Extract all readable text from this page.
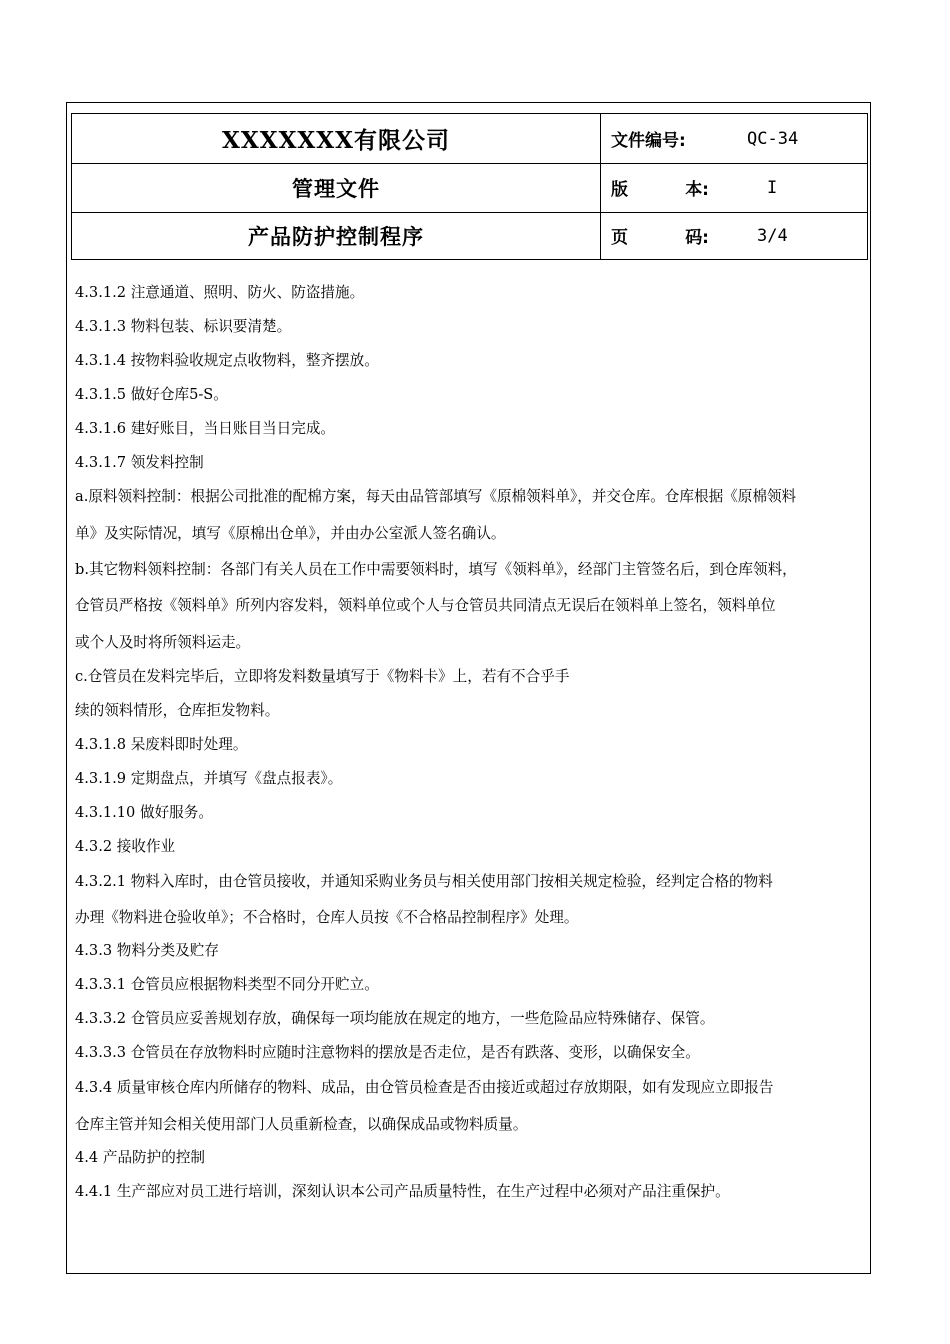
XXXXXXX有限公司	文件编号:	QC-34
管理文件	版	本:	I
产品防护控制程序	页	码:	3/4
4.3.1.2 注意通道、照明、防火、防盗措施。
4.3.1.3 物料包装、标识要清楚。
4.3.1.4 按物料验收规定点收物料，整齐摆放。
4.3.1.5 做好仓库5-S。
4.3.1.6 建好账目，当日账目当日完成。
4.3.1.7 领发料控制
a.原料领料控制：根据公司批准的配棉方案，每天由品管部填写《原棉领料单》，并交仓库。仓库根据《原棉领料
单》及实际情况，填写《原棉出仓单》，并由办公室派人签名确认。
b.其它物料领料控制：各部门有关人员在工作中需要领料时，填写《领料单》，经部门主管签名后，到仓库领料，
仓管员严格按《领料单》所列内容发料，领料单位或个人与仓管员共同清点无误后在领料单上签名，领料单位
或个人及时将所领料运走。
c.仓管员在发料完毕后，立即将发料数量填写于《物料卡》上，若有不合乎手
续的领料情形，仓库拒发物料。
4.3.1.8 呆废料即时处理。
4.3.1.9 定期盘点，并填写《盘点报表》。
4.3.1.10 做好服务。
4.3.2 接收作业
4.3.2.1 物料入库时，由仓管员接收，并通知采购业务员与相关使用部门按相关规定检验，经判定合格的物料
办理《物料进仓验收单》；不合格时，仓库人员按《不合格品控制程序》处理。
4.3.3 物料分类及贮存
4.3.3.1 仓管员应根据物料类型不同分开贮立。
4.3.3.2 仓管员应妥善规划存放，确保每一项均能放在规定的地方，一些危险品应特殊储存、保管。
4.3.3.3 仓管员在存放物料时应随时注意物料的摆放是否走位，是否有跌落、变形，以确保安全。
4.3.4 质量审核仓库内所储存的物料、成品，由仓管员检查是否由接近或超过存放期限，如有发现应立即报告
仓库主管并知会相关使用部门人员重新检查，以确保成品或物料质量。
4.4 产品防护的控制
4.4.1 生产部应对员工进行培训，深刻认识本公司产品质量特性，在生产过程中必须对产品注重保护。
